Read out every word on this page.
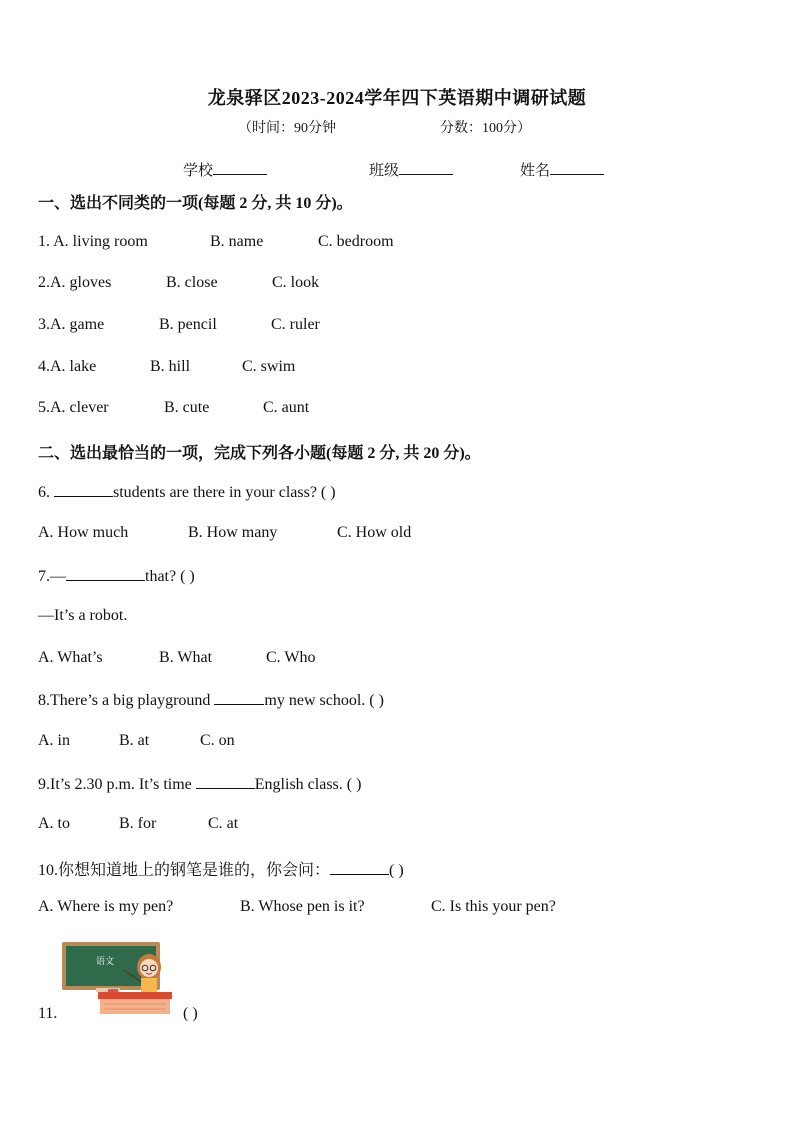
龙泉驿区2023-2024学年四下英语期中调研试题
（时间：90分钟	分数：100分）
学校	班级	姓名
一、选出不同类的一项(每题 2 分, 共 10 分)。
1. A. living room	B. name	C. bedroom
2.A. gloves	B. close	C. look
3.A. game	B. pencil	C. ruler
4.A. lake	B. hill	C. swim
5.A. clever	B. cute	C. aunt
二、选出最恰当的一项，完成下列各小题(每题 2 分, 共 20 分)。
6.	students are there in your class? ( )
A. How much	B. How many	C. How old
7.—	that? ( )
—It’s a robot.
A. What’s	B. What	C. Who
8.There’s a big playground	my new school. ( )
A. in	B. at	C. on
9.It’s 2.30 p.m. It’s time	English class. ( )
A. to	B. for	C. at
10.你想知道地上的钢笔是谁的，你会问：	( )
A. Where is my pen?	B. Whose pen is it?	C. Is this your pen?
语文
11.	( )
